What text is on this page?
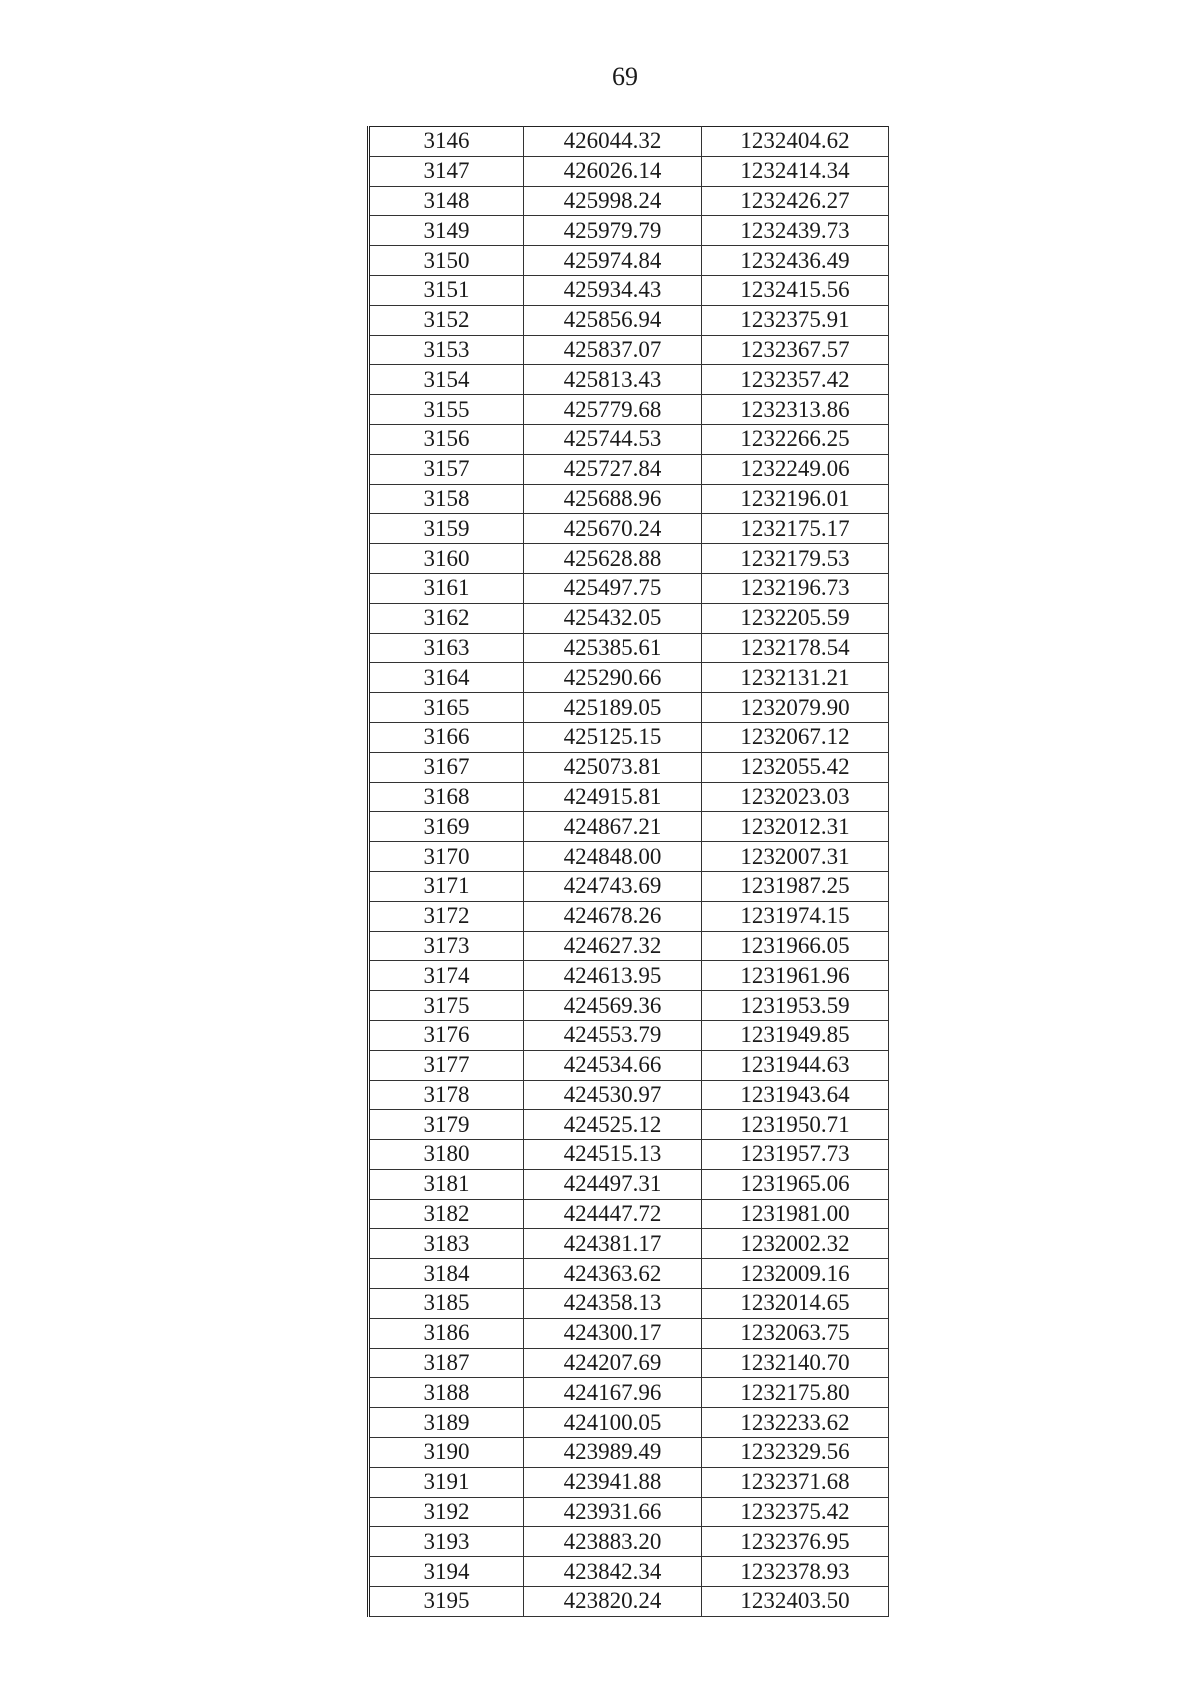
69
3146	426044.32	1232404.62
3147	426026.14	1232414.34
3148	425998.24	1232426.27
3149	425979.79	1232439.73
3150	425974.84	1232436.49
3151	425934.43	1232415.56
3152	425856.94	1232375.91
3153	425837.07	1232367.57
3154	425813.43	1232357.42
3155	425779.68	1232313.86
3156	425744.53	1232266.25
3157	425727.84	1232249.06
3158	425688.96	1232196.01
3159	425670.24	1232175.17
3160	425628.88	1232179.53
3161	425497.75	1232196.73
3162	425432.05	1232205.59
3163	425385.61	1232178.54
3164	425290.66	1232131.21
3165	425189.05	1232079.90
3166	425125.15	1232067.12
3167	425073.81	1232055.42
3168	424915.81	1232023.03
3169	424867.21	1232012.31
3170	424848.00	1232007.31
3171	424743.69	1231987.25
3172	424678.26	1231974.15
3173	424627.32	1231966.05
3174	424613.95	1231961.96
3175	424569.36	1231953.59
3176	424553.79	1231949.85
3177	424534.66	1231944.63
3178	424530.97	1231943.64
3179	424525.12	1231950.71
3180	424515.13	1231957.73
3181	424497.31	1231965.06
3182	424447.72	1231981.00
3183	424381.17	1232002.32
3184	424363.62	1232009.16
3185	424358.13	1232014.65
3186	424300.17	1232063.75
3187	424207.69	1232140.70
3188	424167.96	1232175.80
3189	424100.05	1232233.62
3190	423989.49	1232329.56
3191	423941.88	1232371.68
3192	423931.66	1232375.42
3193	423883.20	1232376.95
3194	423842.34	1232378.93
3195	423820.24	1232403.50
